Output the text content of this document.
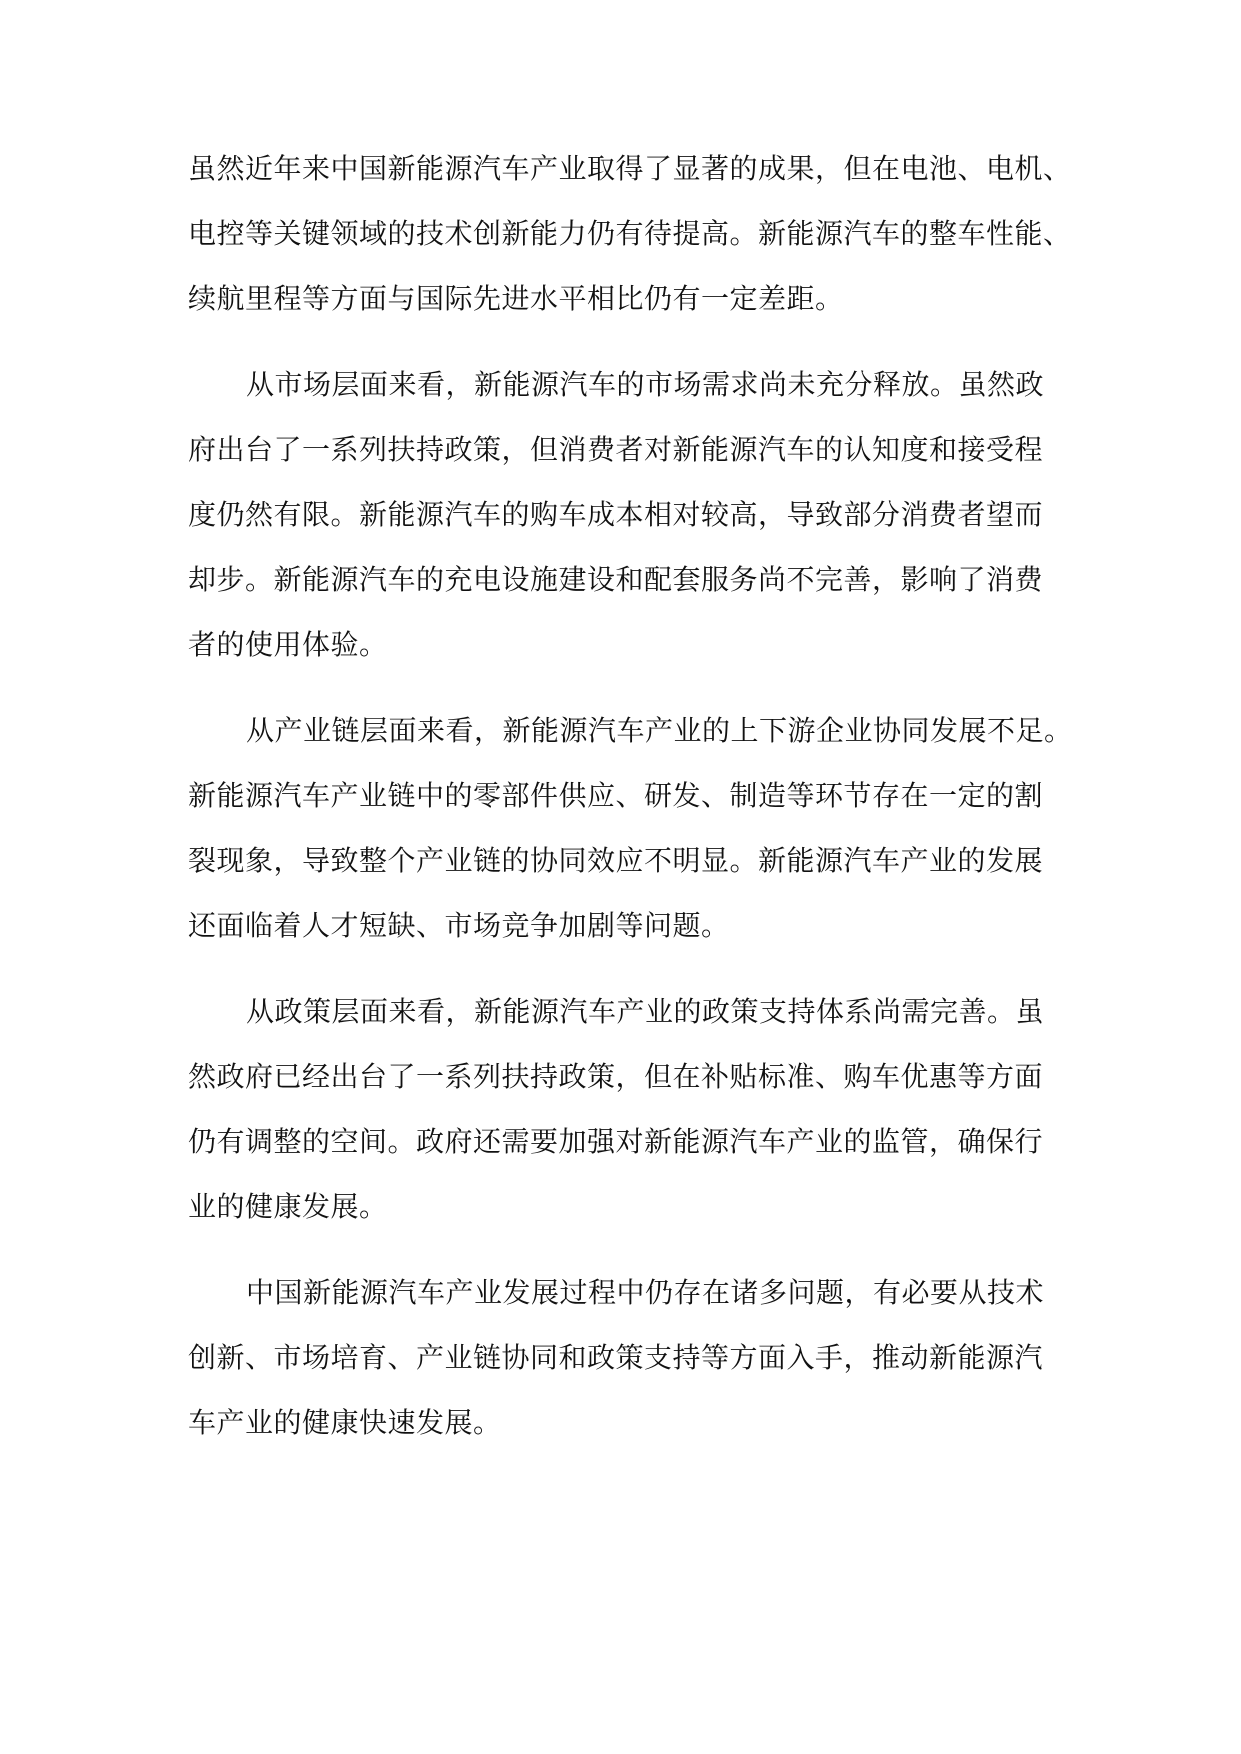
虽然近年来中国新能源汽车产业取得了显著的成果，但在电池、电机、
电控等关键领域的技术创新能力仍有待提高。新能源汽车的整车性能、
续航里程等方面与国际先进水平相比仍有一定差距。
从市场层面来看，新能源汽车的市场需求尚未充分释放。虽然政
府出台了一系列扶持政策，但消费者对新能源汽车的认知度和接受程
度仍然有限。新能源汽车的购车成本相对较高，导致部分消费者望而
却步。新能源汽车的充电设施建设和配套服务尚不完善，影响了消费
者的使用体验。
从产业链层面来看，新能源汽车产业的上下游企业协同发展不足。
新能源汽车产业链中的零部件供应、研发、制造等环节存在一定的割
裂现象，导致整个产业链的协同效应不明显。新能源汽车产业的发展
还面临着人才短缺、市场竞争加剧等问题。
从政策层面来看，新能源汽车产业的政策支持体系尚需完善。虽
然政府已经出台了一系列扶持政策，但在补贴标准、购车优惠等方面
仍有调整的空间。政府还需要加强对新能源汽车产业的监管，确保行
业的健康发展。
中国新能源汽车产业发展过程中仍存在诸多问题，有必要从技术
创新、市场培育、产业链协同和政策支持等方面入手，推动新能源汽
车产业的健康快速发展。
